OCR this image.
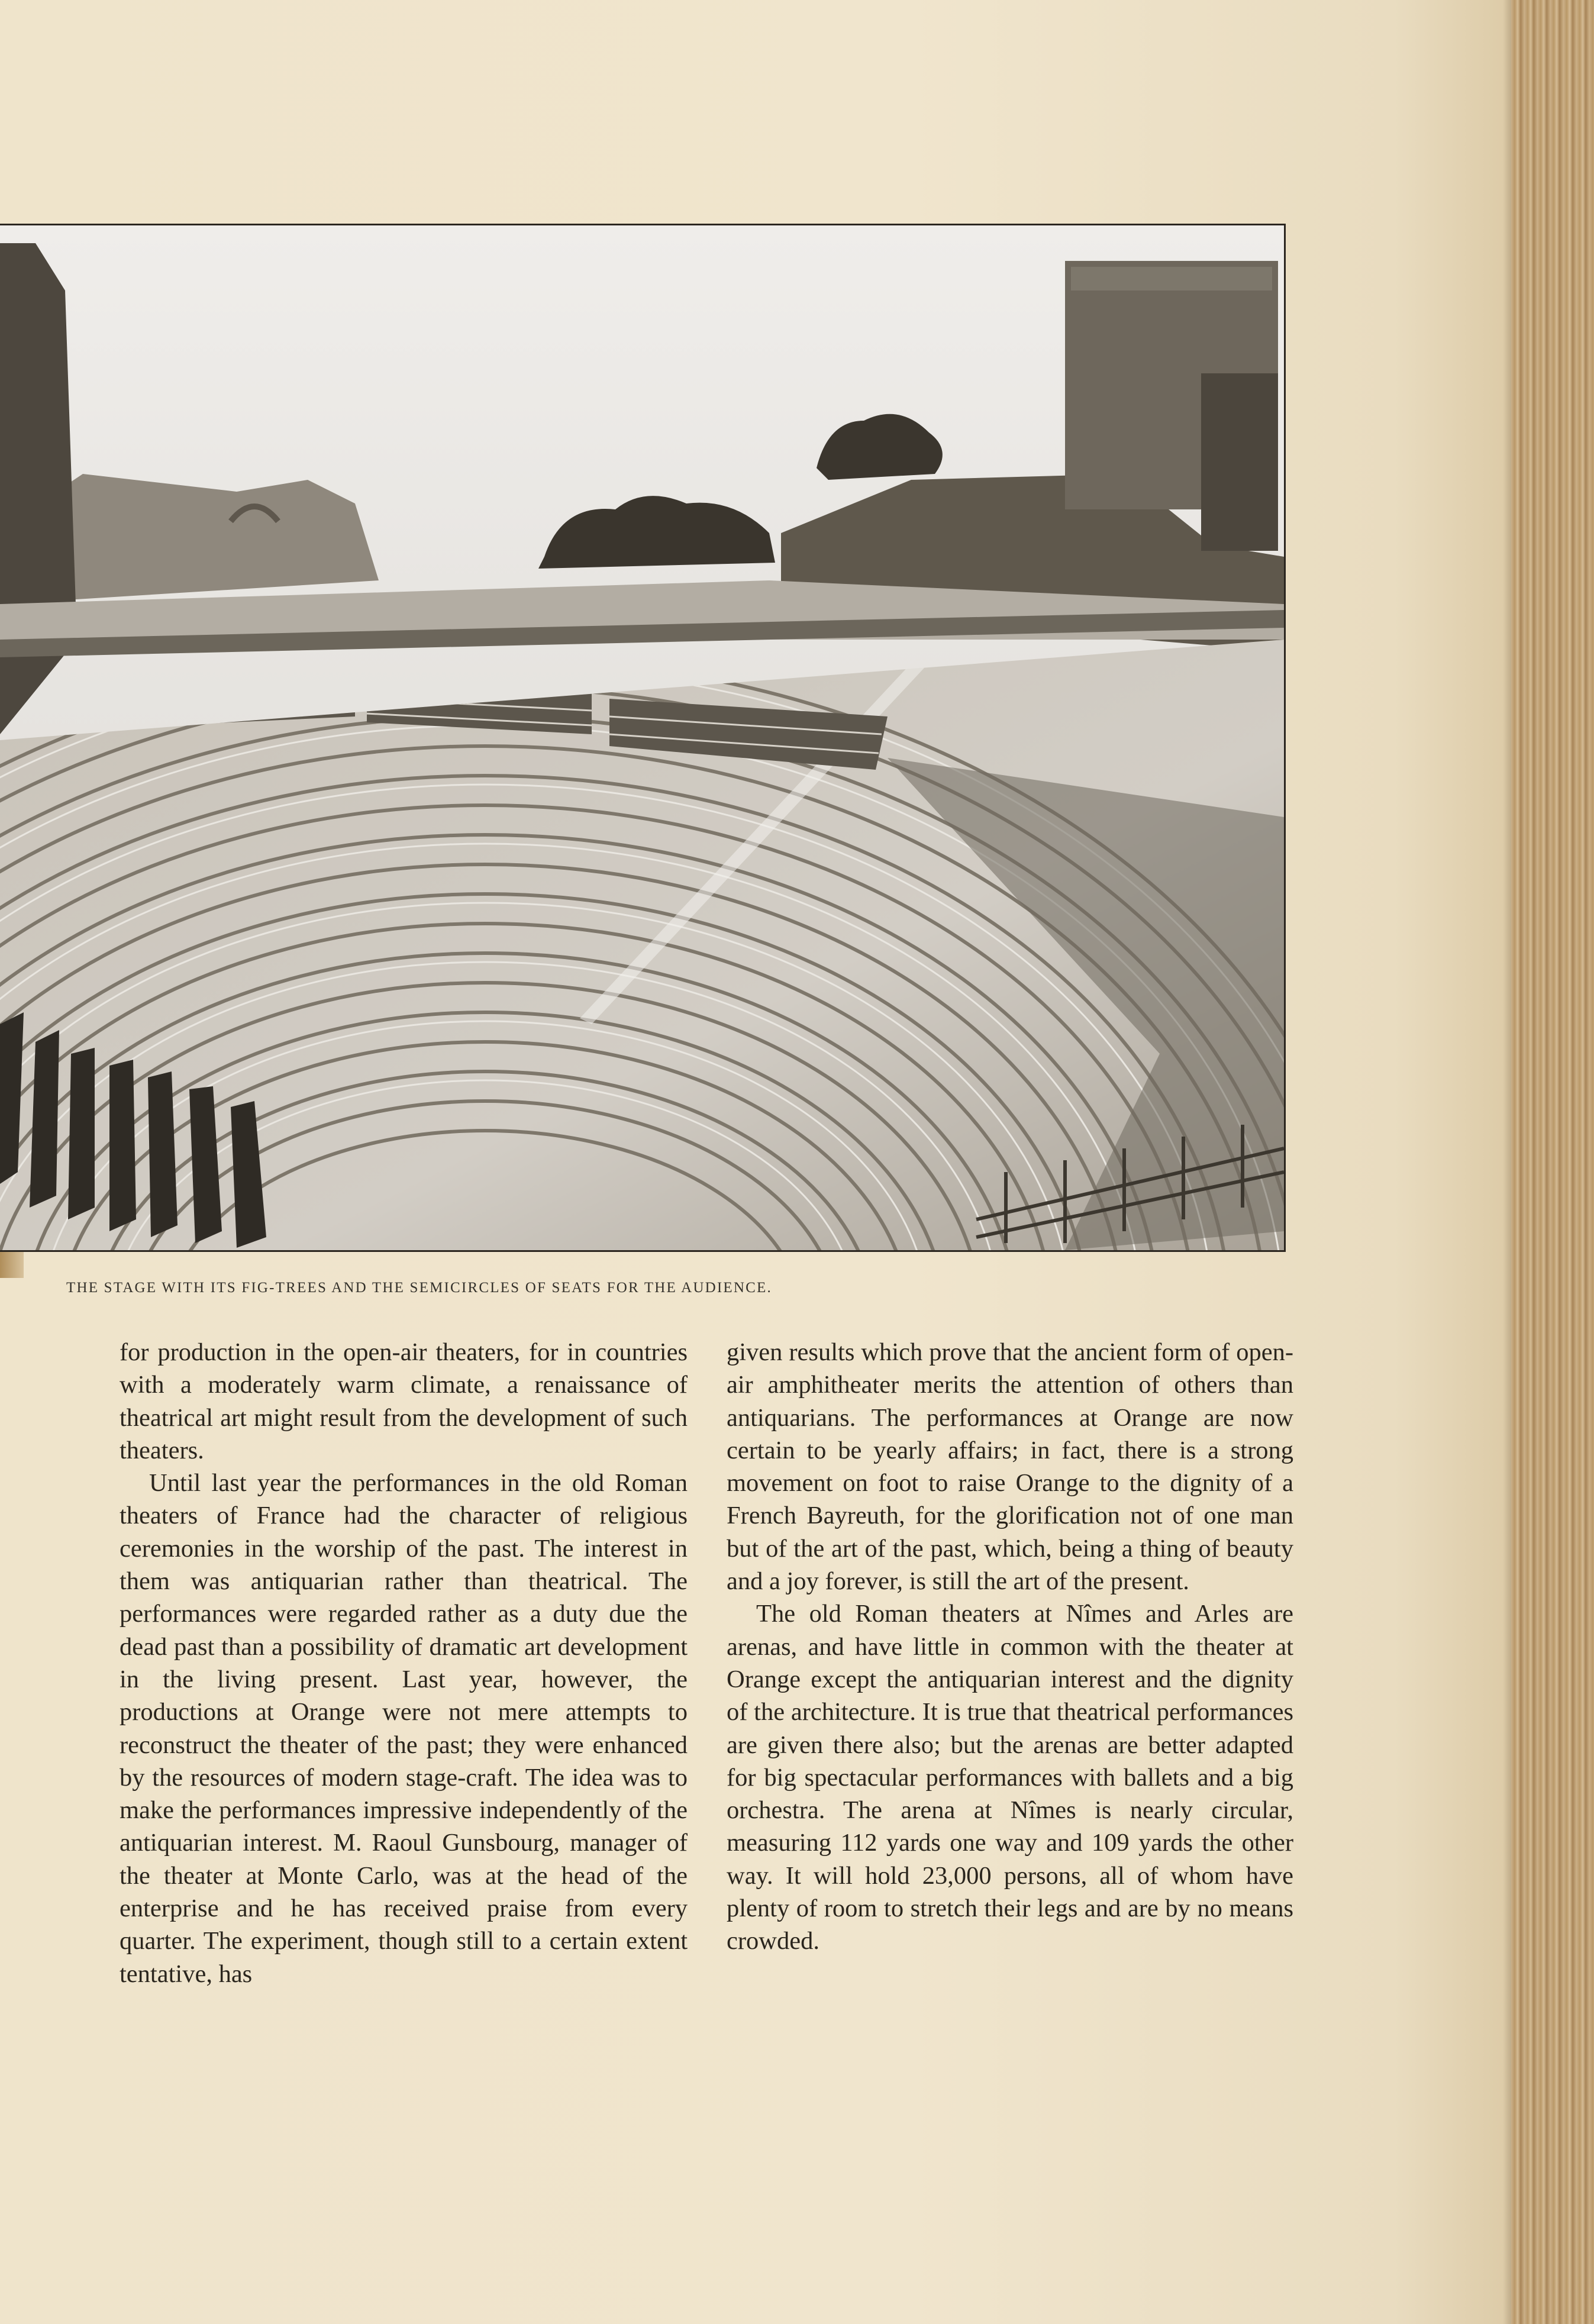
THE STAGE WITH ITS FIG-TREES AND THE SEMICIRCLES OF SEATS FOR THE AUDIENCE.

for production in the open-air theaters, for in countries with a moderately warm climate, a renaissance of theatrical art might result from the development of such theaters.

Until last year the performances in the old Roman theaters of France had the character of religious ceremonies in the worship of the past. The interest in them was antiquarian rather than theatrical. The performances were regarded rather as a duty due the dead past than a possibility of dramatic art development in the living present. Last year, however, the productions at Orange were not mere attempts to reconstruct the theater of the past; they were enhanced by the resources of modern stage-craft. The idea was to make the performances impressive independently of the antiquarian interest. M. Raoul Gunsbourg, manager of the theater at Monte Carlo, was at the head of the enterprise and he has received praise from every quarter. The experiment, though still to a certain extent tentative, has

given results which prove that the ancient form of open-air amphitheater merits the attention of others than antiquarians. The performances at Orange are now certain to be yearly affairs; in fact, there is a strong movement on foot to raise Orange to the dignity of a French Bayreuth, for the glorification not of one man but of the art of the past, which, being a thing of beauty and a joy forever, is still the art of the present.

The old Roman theaters at Nîmes and Arles are arenas, and have little in common with the theater at Orange except the antiquarian interest and the dignity of the architecture. It is true that theatrical performances are given there also; but the arenas are better adapted for big spectacular performances with ballets and a big orchestra. The arena at Nîmes is nearly circular, measuring 112 yards one way and 109 yards the other way. It will hold 23,000 persons, all of whom have plenty of room to stretch their legs and are by no means crowded.
